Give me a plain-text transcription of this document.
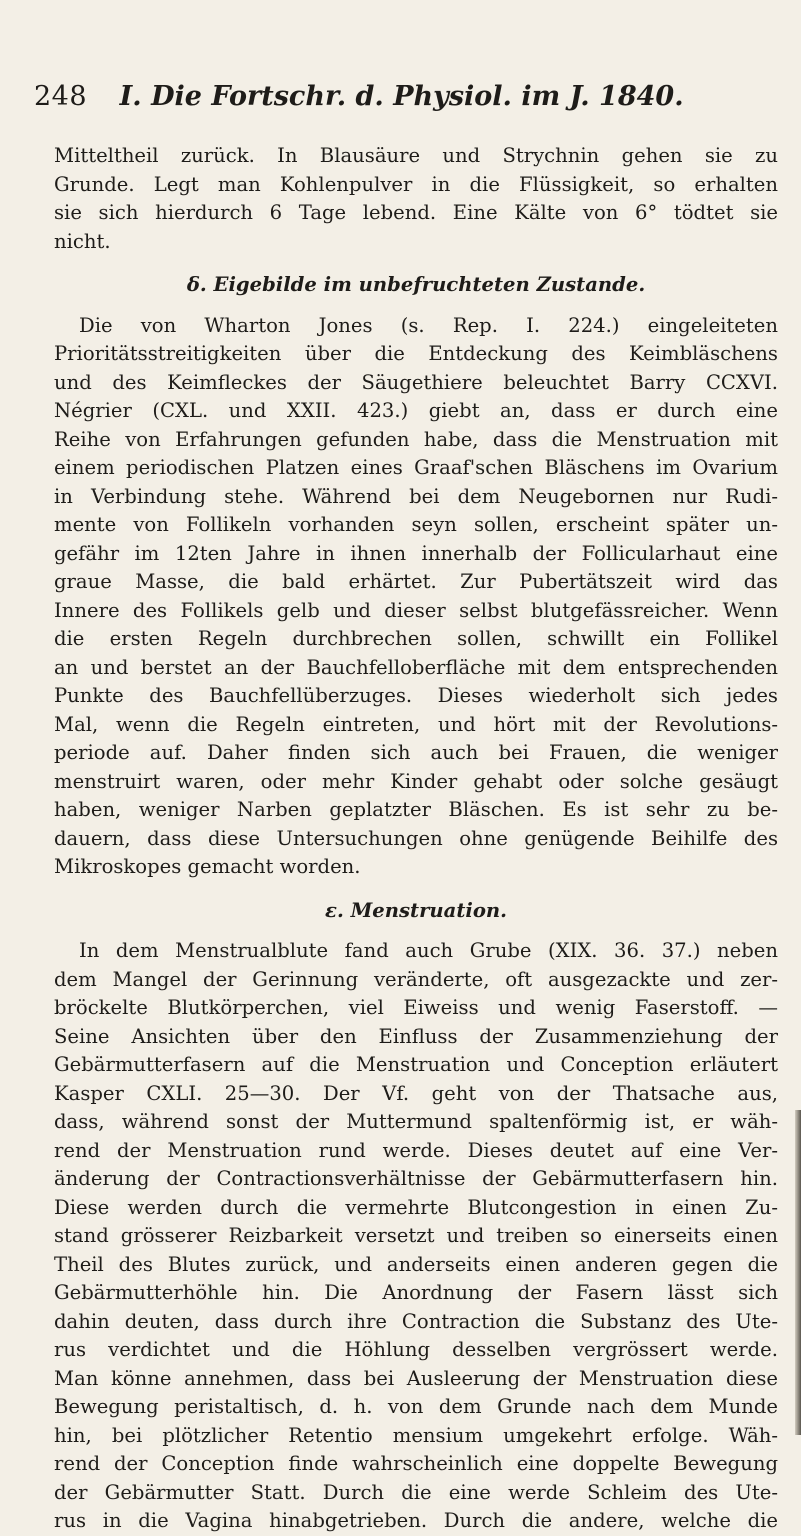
248 I. Die Fortschr. d. Physiol. im J. 1840.
Mitteltheil zurück. In Blausäure und Strychnin gehen sie zu
Grunde. Legt man Kohlenpulver in die Flüssigkeit, so erhalten
sie sich hierdurch 6 Tage lebend. Eine Kälte von 6° tödtet sie
nicht.
δ. Eigebilde im unbefruchteten Zustande.
Die von Wharton Jones (s. Rep. I. 224.) eingeleiteten
Prioritätsstreitigkeiten über die Entdeckung des Keimbläschens
und des Keimfleckes der Säugethiere beleuchtet Barry CCXVI.
Négrier (CXL. und XXII. 423.) giebt an, dass er durch eine
Reihe von Erfahrungen gefunden habe, dass die Menstruation mit
einem periodischen Platzen eines Graaf'schen Bläschens im Ovarium
in Verbindung stehe. Während bei dem Neugebornen nur Rudi-
mente von Follikeln vorhanden seyn sollen, erscheint später un-
gefähr im 12ten Jahre in ihnen innerhalb der Follicularhaut eine
graue Masse, die bald erhärtet. Zur Pubertätszeit wird das
Innere des Follikels gelb und dieser selbst blutgefässreicher. Wenn
die ersten Regeln durchbrechen sollen, schwillt ein Follikel
an und berstet an der Bauchfelloberfläche mit dem entsprechenden
Punkte des Bauchfellüberzuges. Dieses wiederholt sich jedes
Mal, wenn die Regeln eintreten, und hört mit der Revolutions-
periode auf. Daher finden sich auch bei Frauen, die weniger
menstruirt waren, oder mehr Kinder gehabt oder solche gesäugt
haben, weniger Narben geplatzter Bläschen. Es ist sehr zu be-
dauern, dass diese Untersuchungen ohne genügende Beihilfe des
Mikroskopes gemacht worden.
ε. Menstruation.
In dem Menstrualblute fand auch Grube (XIX. 36. 37.) neben
dem Mangel der Gerinnung veränderte, oft ausgezackte und zer-
bröckelte Blutkörperchen, viel Eiweiss und wenig Faserstoff. —
Seine Ansichten über den Einfluss der Zusammenziehung der
Gebärmutterfasern auf die Menstruation und Conception erläutert
Kasper CXLI. 25—30. Der Vf. geht von der Thatsache aus,
dass, während sonst der Muttermund spaltenförmig ist, er wäh-
rend der Menstruation rund werde. Dieses deutet auf eine Ver-
änderung der Contractionsverhältnisse der Gebärmutterfasern hin.
Diese werden durch die vermehrte Blutcongestion in einen Zu-
stand grösserer Reizbarkeit versetzt und treiben so einerseits einen
Theil des Blutes zurück, und anderseits einen anderen gegen die
Gebärmutterhöhle hin. Die Anordnung der Fasern lässt sich
dahin deuten, dass durch ihre Contraction die Substanz des Ute-
rus verdichtet und die Höhlung desselben vergrössert werde.
Man könne annehmen, dass bei Ausleerung der Menstruation diese
Bewegung peristaltisch, d. h. von dem Grunde nach dem Munde
hin, bei plötzlicher Retentio mensium umgekehrt erfolge. Wäh-
rend der Conception finde wahrscheinlich eine doppelte Bewegung
der Gebärmutter Statt. Durch die eine werde Schleim des Ute-
rus in die Vagina hinabgetrieben. Durch die andere, welche die
